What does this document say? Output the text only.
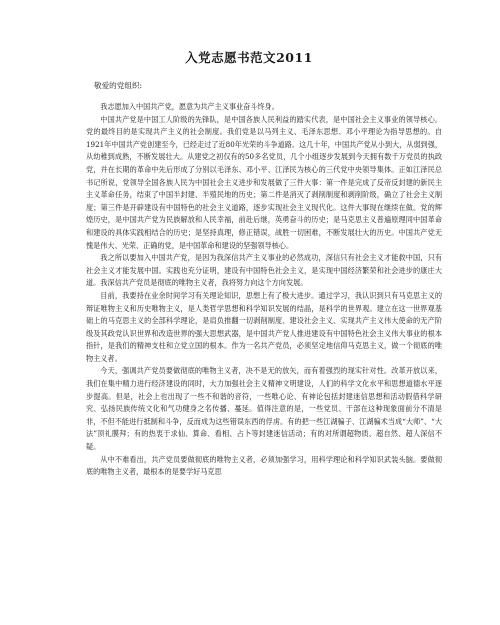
入党志愿书范文2011
敬爱的党组织:

我志愿加入中国共产党，愿意为共产主义事业奋斗终身。

中国共产党是中国工人阶级的先锋队，是中国各族人民利益的踏实代表，是中国社会主义事业的领导核心。党的最终目的是实现共产主义的社会制度。我们党是以马列主义、毛泽东思想、邓小平理论为指导思想的。自1921年中国共产党创建至今，已经走过了近80年光荣的斗争道路。这几十年，中国共产党从小到大，从弱到强，从幼稚到成熟，不断发展壮大。从建党之初仅有的50多名党员，几个小组逐步发展到今天拥有数千万党员的执政党，并在长期的革命中先后形成了分别以毛泽东、邓小平、江泽民为核心的三代党中央领导集体。正如江泽民总书记所说，党领导全国各族人民为中国社会主义进步和发展做了三件大事：第一件是完成了反帝反封建的新民主主义革命任务，结束了中国半封建、半殖民地的历史；第二件是消灭了剥削制度和剥削阶级，确立了社会主义制度；第三件是开辟建设有中国特色的社会主义道路，逐步实现社会主义现代化。这件大事现在继续在做。党的辉煌历史，是中国共产党为民族解放和人民幸福，前赴后继，英勇奋斗的历史；是马克思主义普遍原理同中国革命和建设的具体实践相结合的历史；是坚持真理，修正错误，战胜一切困难，不断发展壮大的历史。中国共产党无愧是伟大、光荣、正确的党，是中国革命和建设的坚强领导核心。

我之所以要加入中国共产党，是因为我深信共产主义事业的必然成功，深信只有社会主义才能救中国，只有社会主义才能发展中国。实践也充分证明，建设有中国特色社会主义，是实现中国经济繁荣和社会进步的康庄大道。我深信共产党员是彻底的唯物主义者，我将努力向这个方向发展。

目前，我要持在业余时间学习有关理论知识，思想上有了极大进步。通过学习，我认识到只有马克思主义的辩证唯物主义和历史唯物主义，是人类哲学思想和科学知识发展的结晶，是科学的世界观。建立在这一世界观基础上的马克思主义的全部科学理论，是肩负推翻一切剥削制度、建设社会主义、实现共产主义伟大使命的无产阶级及其政党认识世界和改造世界的强大思想武器，是中国共产党人推进建设有中国特色社会主义伟大事业的根本指针，是我们的精神支柱和立党立国的根本。作为一名共产党员，必须坚定地信仰马克思主义，做一个彻底的唯物主义者。

今天，强调共产党员要做彻底的唯物主义者，决不是无的放矢，而有着强烈的现实针对性。改革开放以来，我们在集中精力进行经济建设的同时，大力加强社会主义精神文明建设，人们的科学文化水平和思想道德水平逐步提高。但是，社会上也出现了一些不和谐的音符，一些唯心论、有神论包括封建迷信思想和活动假借科学研究、弘扬民族传统文化和气功健身之名传播、蔓延。值得注意的是，一些党员、干部在这种现象面前分不清是非，不但不能进行抵制和斗争，反而成为这些错误东西的俘虏。有的把一些江湖骗子、江湖骗术当成“大师”、“大法”顶礼膜拜；有的热衷于求仙、算命、看相、占卜等封建迷信活动；有的对所谓超物质、超自然、超人深信不疑。

从中不难看出，共产党员要做彻底的唯物主义者，必须加强学习，用科学理论和科学知识武装头脑。要做彻底的唯物主义者，最根本的是要学好马克思
